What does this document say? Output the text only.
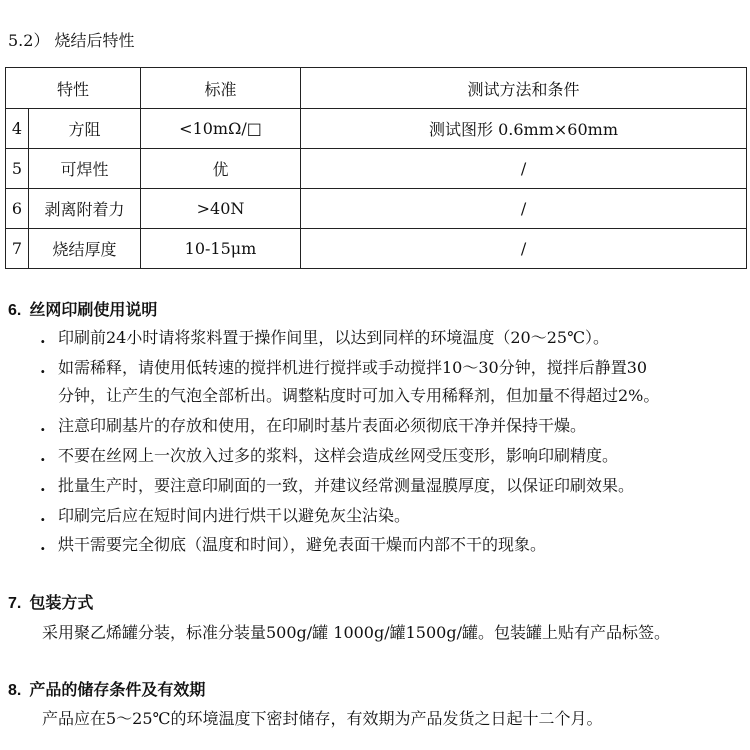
5.2） 烧结后特性
特性		标准	测试方法和条件
4	方阻	<10mΩ/□	测试图形 0.6mm×60mm
5	可焊性	优	/
6	剥离附着力	>40N	/
7	烧结厚度	10-15μm	/
6. 丝网印刷使用说明
. 印刷前24小时请将浆料置于操作间里，以达到同样的环境温度（20～25℃）。
. 如需稀释，请使用低转速的搅拌机进行搅拌或手动搅拌10～30分钟，搅拌后静置30
分钟，让产生的气泡全部析出。调整粘度时可加入专用稀释剂，但加量不得超过2%。
. 注意印刷基片的存放和使用，在印刷时基片表面必须彻底干净并保持干燥。
. 不要在丝网上一次放入过多的浆料，这样会造成丝网受压变形，影响印刷精度。
. 批量生产时，要注意印刷面的一致，并建议经常测量湿膜厚度，以保证印刷效果。
. 印刷完后应在短时间内进行烘干以避免灰尘沾染。
. 烘干需要完全彻底（温度和时间），避免表面干燥而内部不干的现象。
7. 包装方式
采用聚乙烯罐分装，标准分装量500g/罐 1000g/罐1500g/罐。包装罐上贴有产品标签。
8. 产品的储存条件及有效期
产品应在5～25℃的环境温度下密封储存，有效期为产品发货之日起十二个月。
